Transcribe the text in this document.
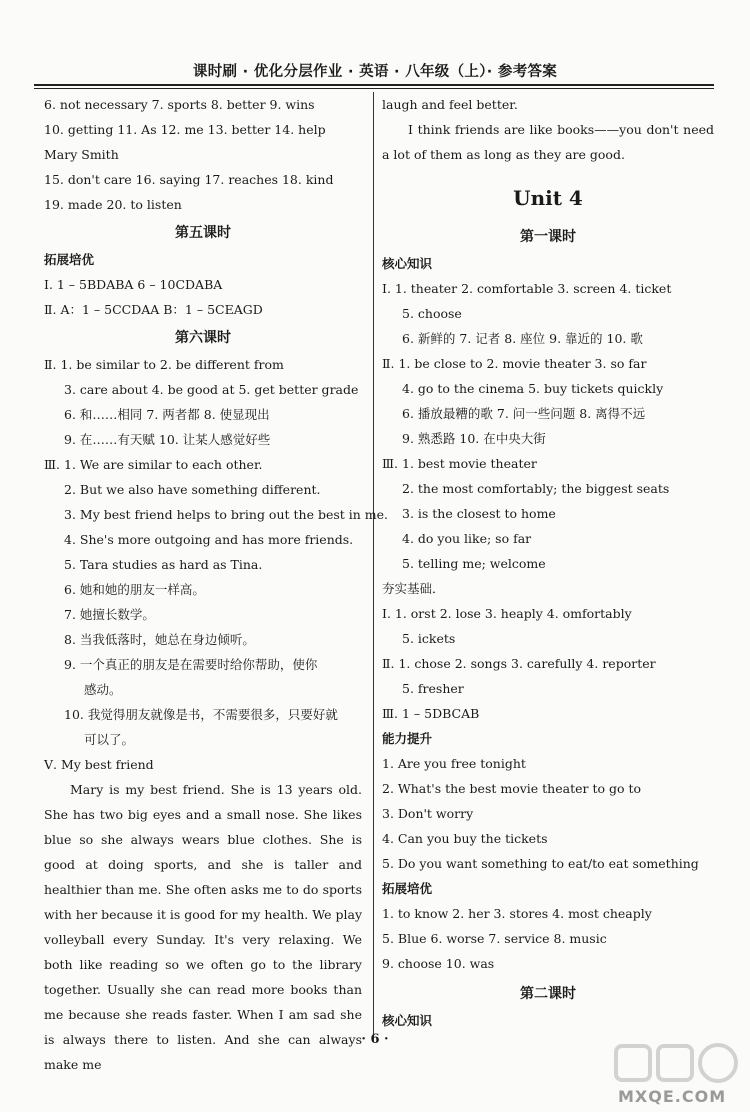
课时刷 · 优化分层作业 · 英语 · 八年级（上）· 参考答案
6. not necessary 7. sports 8. better 9. wins
10. getting 11. As 12. me 13. better 14. help
Mary Smith
15. don't care 16. saying 17. reaches 18. kind
19. made 20. to listen
第五课时
拓展培优
Ⅰ. 1 – 5BDABA 6 – 10CDABA
Ⅱ. A：1 – 5CCDAA B：1 – 5CEAGD
第六课时
Ⅱ. 1. be similar to 2. be different from
3. care about 4. be good at 5. get better grade
6. 和……相同 7. 两者都 8. 使显现出
9. 在……有天赋 10. 让某人感觉好些
Ⅲ. 1. We are similar to each other.
2. But we also have something different.
3. My best friend helps to bring out the best in me.
4. She's more outgoing and has more friends.
5. Tara studies as hard as Tina.
6. 她和她的朋友一样高。
7. 她擅长数学。
8. 当我低落时，她总在身边倾听。
9. 一个真正的朋友是在需要时给你帮助，使你
感动。
10. 我觉得朋友就像是书，不需要很多，只要好就
可以了。
Ⅴ. My best friend
Mary is my best friend. She is 13 years old. She has two big eyes and a small nose. She likes blue so she always wears blue clothes. She is good at doing sports, and she is taller and healthier than me. She often asks me to do sports with her because it is good for my health. We play volleyball every Sunday. It's very relaxing. We both like reading so we often go to the library together. Usually she can read more books than me because she reads faster. When I am sad she is always there to listen. And she can always make me
laugh and feel better.
I think friends are like books——you don't need a lot of them as long as they are good.
Unit 4
第一课时
核心知识
Ⅰ. 1. theater 2. comfortable 3. screen 4. ticket
5. choose
6. 新鲜的 7. 记者 8. 座位 9. 靠近的 10. 歌
Ⅱ. 1. be close to 2. movie theater 3. so far
4. go to the cinema 5. buy tickets quickly
6. 播放最糟的歌 7. 问一些问题 8. 离得不远
9. 熟悉路 10. 在中央大街
Ⅲ. 1. best movie theater
2. the most comfortably; the biggest seats
3. is the closest to home
4. do you like; so far
5. telling me; welcome
夯实基础．
Ⅰ. 1. orst 2. lose 3. heaply 4. omfortably
5. ickets
Ⅱ. 1. chose 2. songs 3. carefully 4. reporter
5. fresher
Ⅲ. 1 – 5DBCAB
能力提升
1. Are you free tonight
2. What's the best movie theater to go to
3. Don't worry
4. Can you buy the tickets
5. Do you want something to eat/to eat something
拓展培优
1. to know 2. her 3. stores 4. most cheaply
5. Blue 6. worse 7. service 8. music
9. choose 10. was
第二课时
核心知识
· 6 ·
MXQE.COM
